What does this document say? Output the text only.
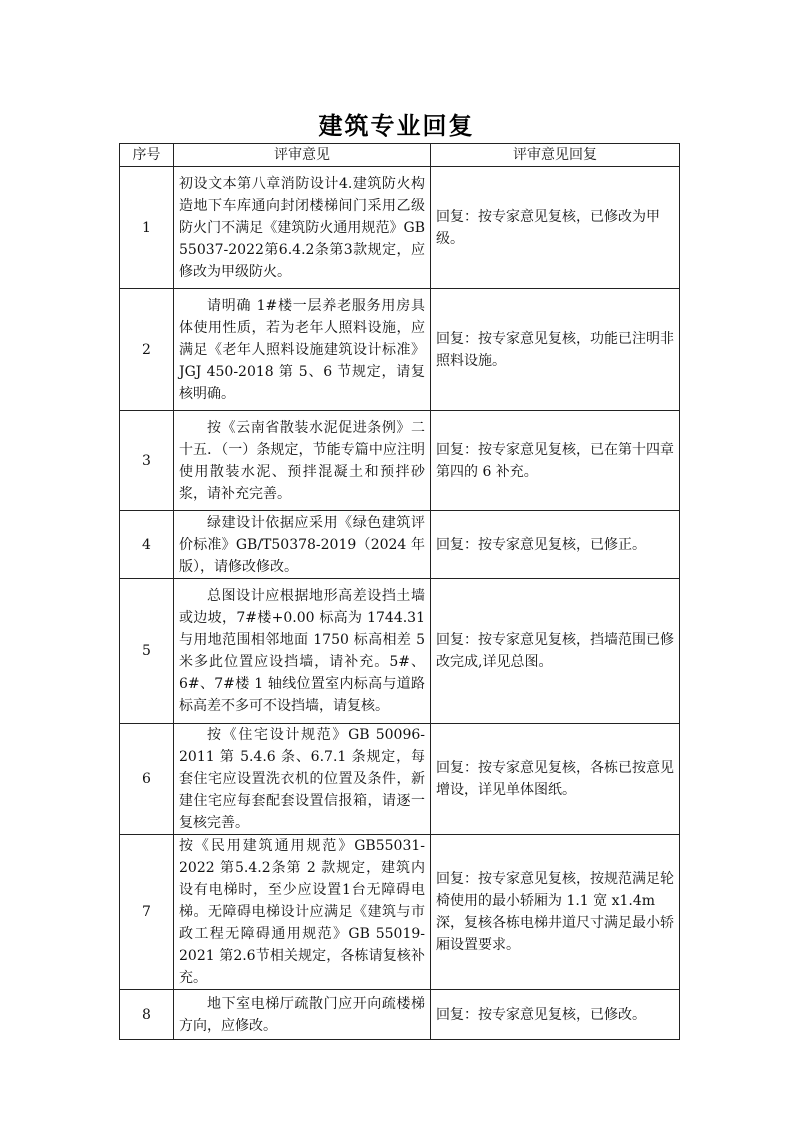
建筑专业回复
序号	评审意见	评审意见回复
1	初设文本第八章消防设计4.建筑防火构造地下车库通向封闭楼梯间门采用乙级防火门不满足《建筑防火通用规范》GB 55037-2022第6.4.2条第3款规定，应修改为甲级防火。	回复：按专家意见复核，已修改为甲级。
2	请明确 1#楼一层养老服务用房具体使用性质，若为老年人照料设施，应满足《老年人照料设施建筑设计标准》JGJ 450-2018 第 5、6 节规定，请复核明确。	回复：按专家意见复核，功能已注明非照料设施。
3	按《云南省散装水泥促进条例》二十五．（一）条规定，节能专篇中应注明使用散装水泥、预拌混凝土和预拌砂浆，请补充完善。	回复：按专家意见复核，已在第十四章第四的 6 补充。
4	绿建设计依据应采用《绿色建筑评价标准》GB/T50378-2019（2024 年版），请修改修改。	回复：按专家意见复核，已修正。
5	总图设计应根据地形高差设挡土墙或边坡，7#楼+0.00 标高为 1744.31 与用地范围相邻地面 1750 标高相差 5 米多此位置应设挡墙，请补充。5#、6#、7#楼 1 轴线位置室内标高与道路标高差不多可不设挡墙，请复核。	回复：按专家意见复核，挡墙范围已修改完成,详见总图。
6	按《住宅设计规范》GB 50096-2011 第 5.4.6 条、6.7.1 条规定，每套住宅应设置洗衣机的位置及条件，新建住宅应每套配套设置信报箱，请逐一复核完善。	回复：按专家意见复核，各栋已按意见增设，详见单体图纸。
7	按《民用建筑通用规范》GB55031-2022 第5.4.2条第 2 款规定，建筑内设有电梯时，至少应设置1台无障碍电梯。无障碍电梯设计应满足《建筑与市政工程无障碍通用规范》GB 55019-2021 第2.6节相关规定，各栋请复核补充。	回复：按专家意见复核，按规范满足轮椅使用的最小轿厢为 1.1 宽 x1.4m 深，复核各栋电梯井道尺寸满足最小轿厢设置要求。
8	地下室电梯厅疏散门应开向疏楼梯方向，应修改。	回复：按专家意见复核，已修改。
